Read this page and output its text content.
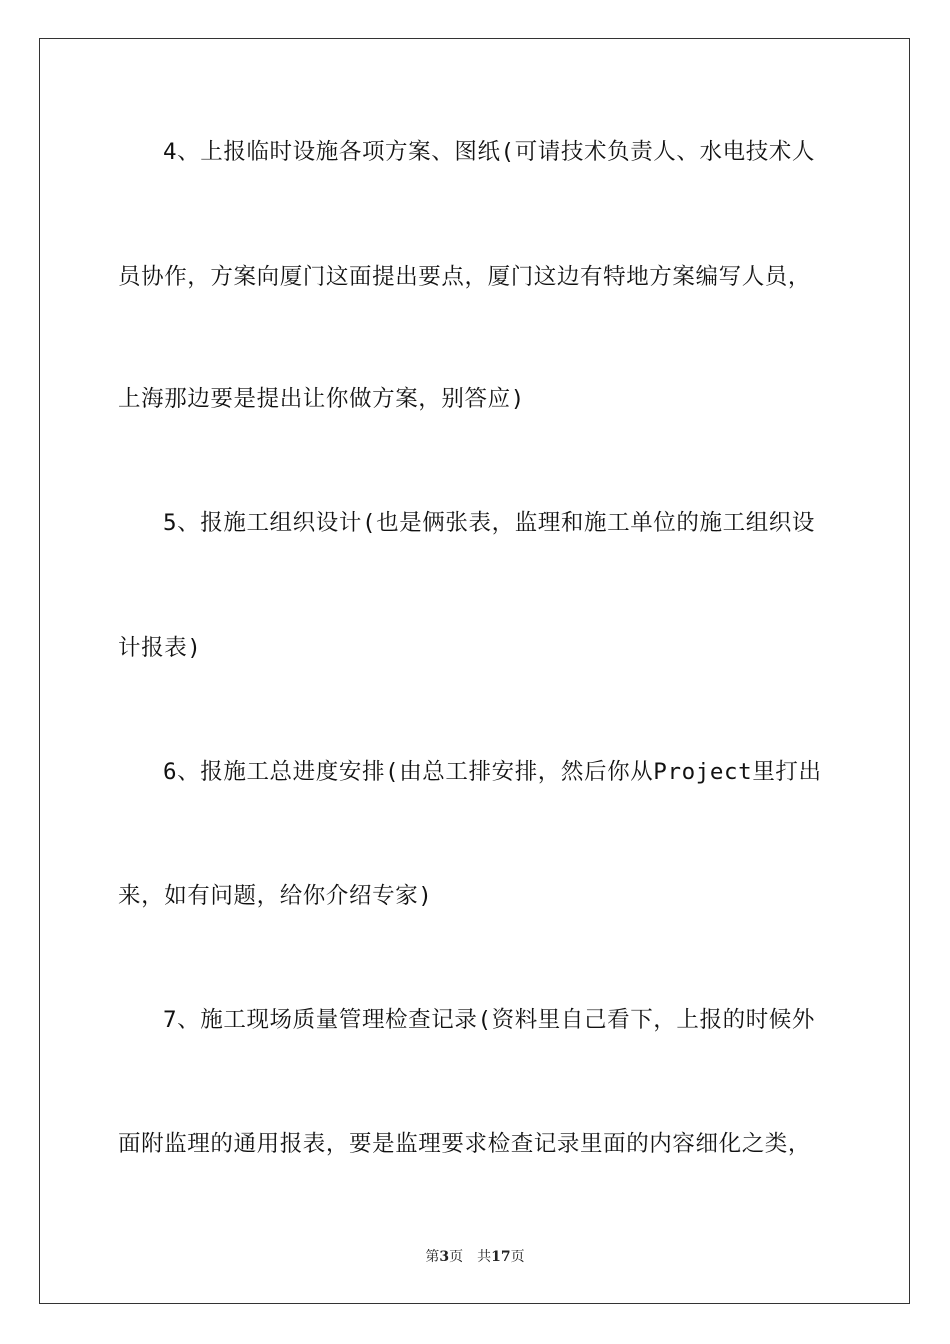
4、上报临时设施各项方案、图纸(可请技术负责人、水电技术人
员协作，方案向厦门这面提出要点，厦门这边有特地方案编写人员，
上海那边要是提出让你做方案，别答应)
5、报施工组织设计(也是俩张表，监理和施工单位的施工组织设
计报表)
6、报施工总进度安排(由总工排安排，然后你从Project里打出
来，如有问题，给你介绍专家)
7、施工现场质量管理检查记录(资料里自己看下，上报的时候外
面附监理的通用报表，要是监理要求检查记录里面的内容细化之类，
第3页 共17页
